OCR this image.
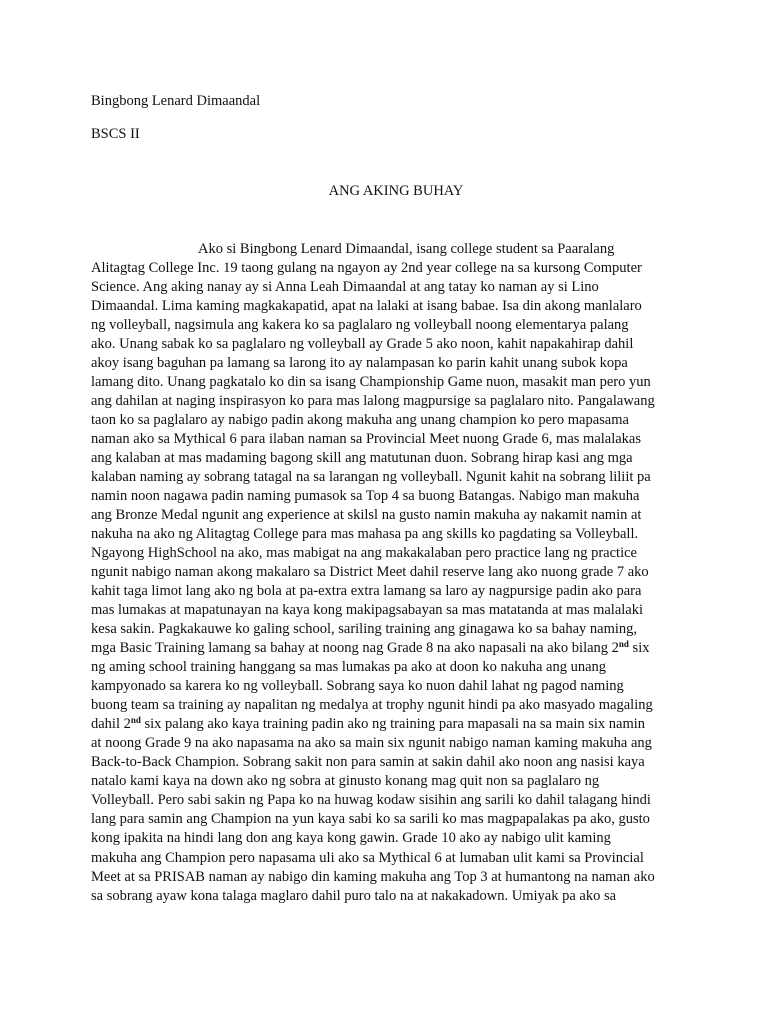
Bingbong Lenard Dimaandal
BSCS II
ANG AKING BUHAY
Ako si Bingbong Lenard Dimaandal, isang college student sa Paaralang
Alitagtag College Inc. 19 taong gulang na ngayon ay 2nd year college na sa kursong Computer
Science. Ang aking nanay ay si Anna Leah Dimaandal at ang tatay ko naman ay si Lino
Dimaandal. Lima kaming magkakapatid, apat na lalaki at isang babae. Isa din akong manlalaro
ng volleyball, nagsimula ang kakera ko sa paglalaro ng volleyball noong elementarya palang
ako. Unang sabak ko sa paglalaro ng volleyball ay Grade 5 ako noon, kahit napakahirap dahil
akoy isang baguhan pa lamang sa larong ito ay nalampasan ko parin kahit unang subok kopa
lamang dito. Unang pagkatalo ko din sa isang Championship Game nuon, masakit man pero yun
ang dahilan at naging inspirasyon ko para mas lalong magpursige sa paglalaro nito. Pangalawang
taon ko sa paglalaro ay nabigo padin akong makuha ang unang champion ko pero mapasama
naman ako sa Mythical 6 para ilaban naman sa Provincial Meet nuong Grade 6, mas malalakas
ang kalaban at mas madaming bagong skill ang matutunan duon. Sobrang hirap kasi ang mga
kalaban naming ay sobrang tatagal na sa larangan ng volleyball. Ngunit kahit na sobrang liliit pa
namin noon nagawa padin naming pumasok sa Top 4 sa buong Batangas. Nabigo man makuha
ang Bronze Medal ngunit ang experience at skilsl na gusto namin makuha ay nakamit namin at
nakuha na ako ng Alitagtag College para mas mahasa pa ang skills ko pagdating sa Volleyball.
Ngayong HighSchool na ako, mas mabigat na ang makakalaban pero practice lang ng practice
ngunit nabigo naman akong makalaro sa District Meet dahil reserve lang ako nuong grade 7 ako
kahit taga limot lang ako ng bola at pa-extra extra lamang sa laro ay nagpursige padin ako para
mas lumakas at mapatunayan na kaya kong makipagsabayan sa mas matatanda at mas malalaki
kesa sakin. Pagkakauwe ko galing school, sariling training ang ginagawa ko sa bahay naming,
mga Basic Training lamang sa bahay at noong nag Grade 8 na ako napasali na ako bilang 2nd six
ng aming school training hanggang sa mas lumakas pa ako at doon ko nakuha ang unang
kampyonado sa karera ko ng volleyball. Sobrang saya ko nuon dahil lahat ng pagod naming
buong team sa training ay napalitan ng medalya at trophy ngunit hindi pa ako masyado magaling
dahil 2nd six palang ako kaya training padin ako ng training para mapasali na sa main six namin
at noong Grade 9 na ako napasama na ako sa main six ngunit nabigo naman kaming makuha ang
Back-to-Back Champion. Sobrang sakit non para samin at sakin dahil ako noon ang nasisi kaya
natalo kami kaya na down ako ng sobra at ginusto konang mag quit non sa paglalaro ng
Volleyball. Pero sabi sakin ng Papa ko na huwag kodaw sisihin ang sarili ko dahil talagang hindi
lang para samin ang Champion na yun kaya sabi ko sa sarili ko mas magpapalakas pa ako, gusto
kong ipakita na hindi lang don ang kaya kong gawin. Grade 10 ako ay nabigo ulit kaming
makuha ang Champion pero napasama uli ako sa Mythical 6 at lumaban ulit kami sa Provincial
Meet at sa PRISAB naman ay nabigo din kaming makuha ang Top 3 at humantong na naman ako
sa sobrang ayaw kona talaga maglaro dahil puro talo na at nakakadown. Umiyak pa ako sa
